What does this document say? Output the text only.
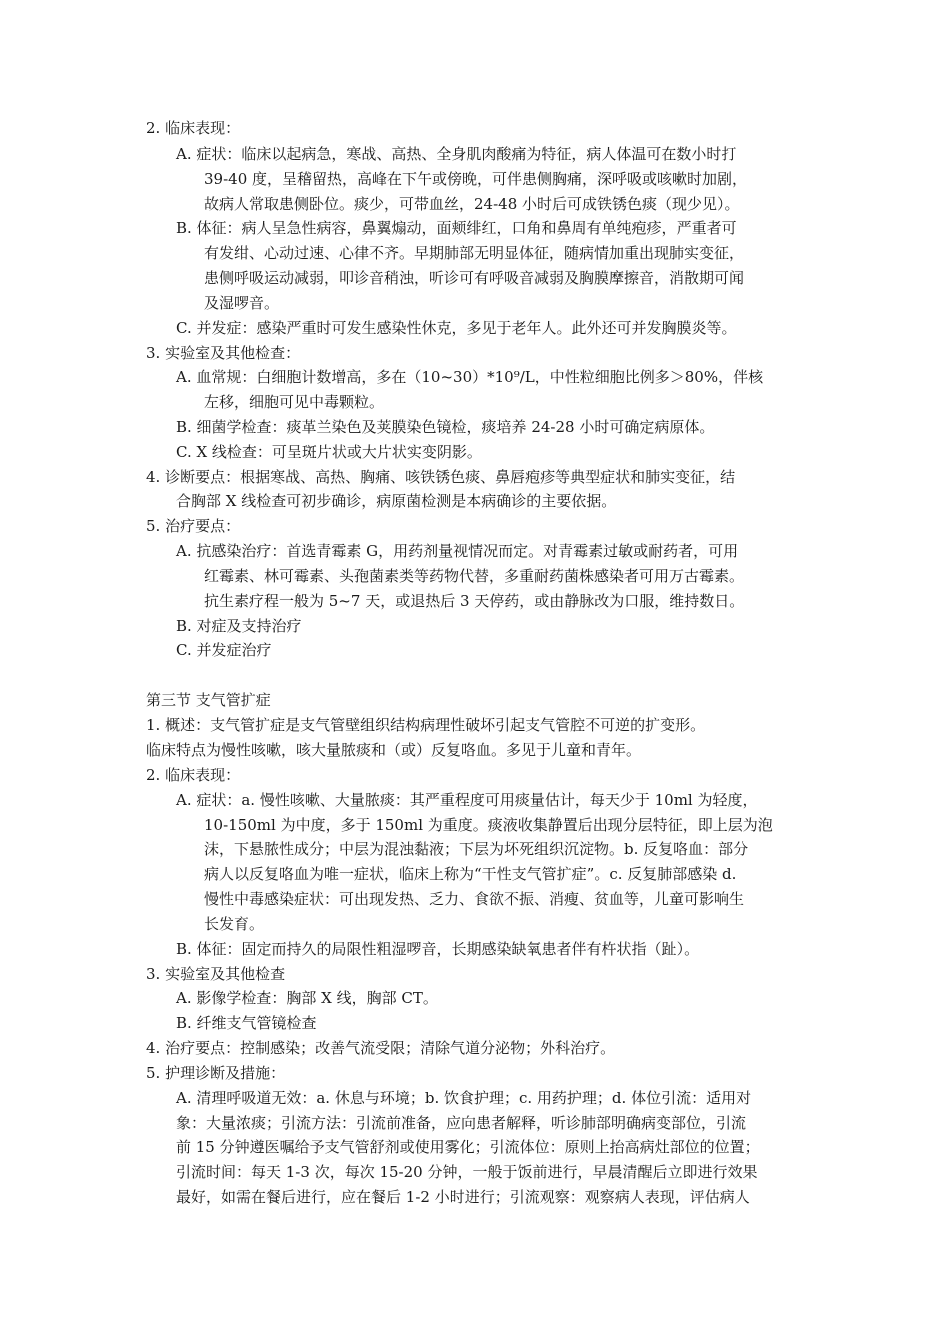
2. 临床表现：
A. 症状：临床以起病急，寒战、高热、全身肌肉酸痛为特征，病人体温可在数小时打
39-40 度，呈稽留热，高峰在下午或傍晚，可伴患侧胸痛，深呼吸或咳嗽时加剧，
故病人常取患侧卧位。痰少，可带血丝，24-48 小时后可成铁锈色痰（现少见）。
B. 体征：病人呈急性病容，鼻翼煽动，面颊绯红，口角和鼻周有单纯疱疹，严重者可
有发绀、心动过速、心律不齐。早期肺部无明显体征，随病情加重出现肺实变征，
患侧呼吸运动减弱，叩诊音稍浊，听诊可有呼吸音减弱及胸膜摩擦音，消散期可闻
及湿啰音。
C. 并发症：感染严重时可发生感染性休克，多见于老年人。此外还可并发胸膜炎等。
3. 实验室及其他检查：
A. 血常规：白细胞计数增高，多在（10~30）*10⁹/L，中性粒细胞比例多＞80%，伴核
左移，细胞可见中毒颗粒。
B. 细菌学检查：痰革兰染色及荚膜染色镜检，痰培养 24-28 小时可确定病原体。
C. X 线检查：可呈斑片状或大片状实变阴影。
4. 诊断要点：根据寒战、高热、胸痛、咳铁锈色痰、鼻唇疱疹等典型症状和肺实变征，结
合胸部 X 线检查可初步确诊，病原菌检测是本病确诊的主要依据。
5. 治疗要点：
A. 抗感染治疗：首选青霉素 G，用药剂量视情况而定。对青霉素过敏或耐药者，可用
红霉素、林可霉素、头孢菌素类等药物代替，多重耐药菌株感染者可用万古霉素。
抗生素疗程一般为 5~7 天，或退热后 3 天停药，或由静脉改为口服，维持数日。
B. 对症及支持治疗
C. 并发症治疗
第三节 支气管扩症
1. 概述：支气管扩症是支气管壁组织结构病理性破坏引起支气管腔不可逆的扩变形。
临床特点为慢性咳嗽，咳大量脓痰和（或）反复咯血。多见于儿童和青年。
2. 临床表现：
A. 症状：a. 慢性咳嗽、大量脓痰：其严重程度可用痰量估计，每天少于 10ml 为轻度，
10-150ml 为中度，多于 150ml 为重度。痰液收集静置后出现分层特征，即上层为泡
沫，下悬脓性成分；中层为混浊黏液；下层为坏死组织沉淀物。b. 反复咯血：部分
病人以反复咯血为唯一症状，临床上称为“干性支气管扩症”。c. 反复肺部感染 d.
慢性中毒感染症状：可出现发热、乏力、食欲不振、消瘦、贫血等，儿童可影响生
长发育。
B. 体征：固定而持久的局限性粗湿啰音，长期感染缺氧患者伴有杵状指（趾）。
3. 实验室及其他检查
A. 影像学检查：胸部 X 线，胸部 CT。
B. 纤维支气管镜检查
4. 治疗要点：控制感染；改善气流受限；清除气道分泌物；外科治疗。
5. 护理诊断及措施：
A. 清理呼吸道无效：a. 休息与环境；b. 饮食护理；c. 用药护理；d. 体位引流：适用对
象：大量浓痰；引流方法：引流前准备，应向患者解释，听诊肺部明确病变部位，引流
前 15 分钟遵医嘱给予支气管舒剂或使用雾化；引流体位：原则上抬高病灶部位的位置；
引流时间：每天 1-3 次，每次 15-20 分钟，一般于饭前进行，早晨清醒后立即进行效果
最好，如需在餐后进行，应在餐后 1-2 小时进行；引流观察：观察病人表现，评估病人
